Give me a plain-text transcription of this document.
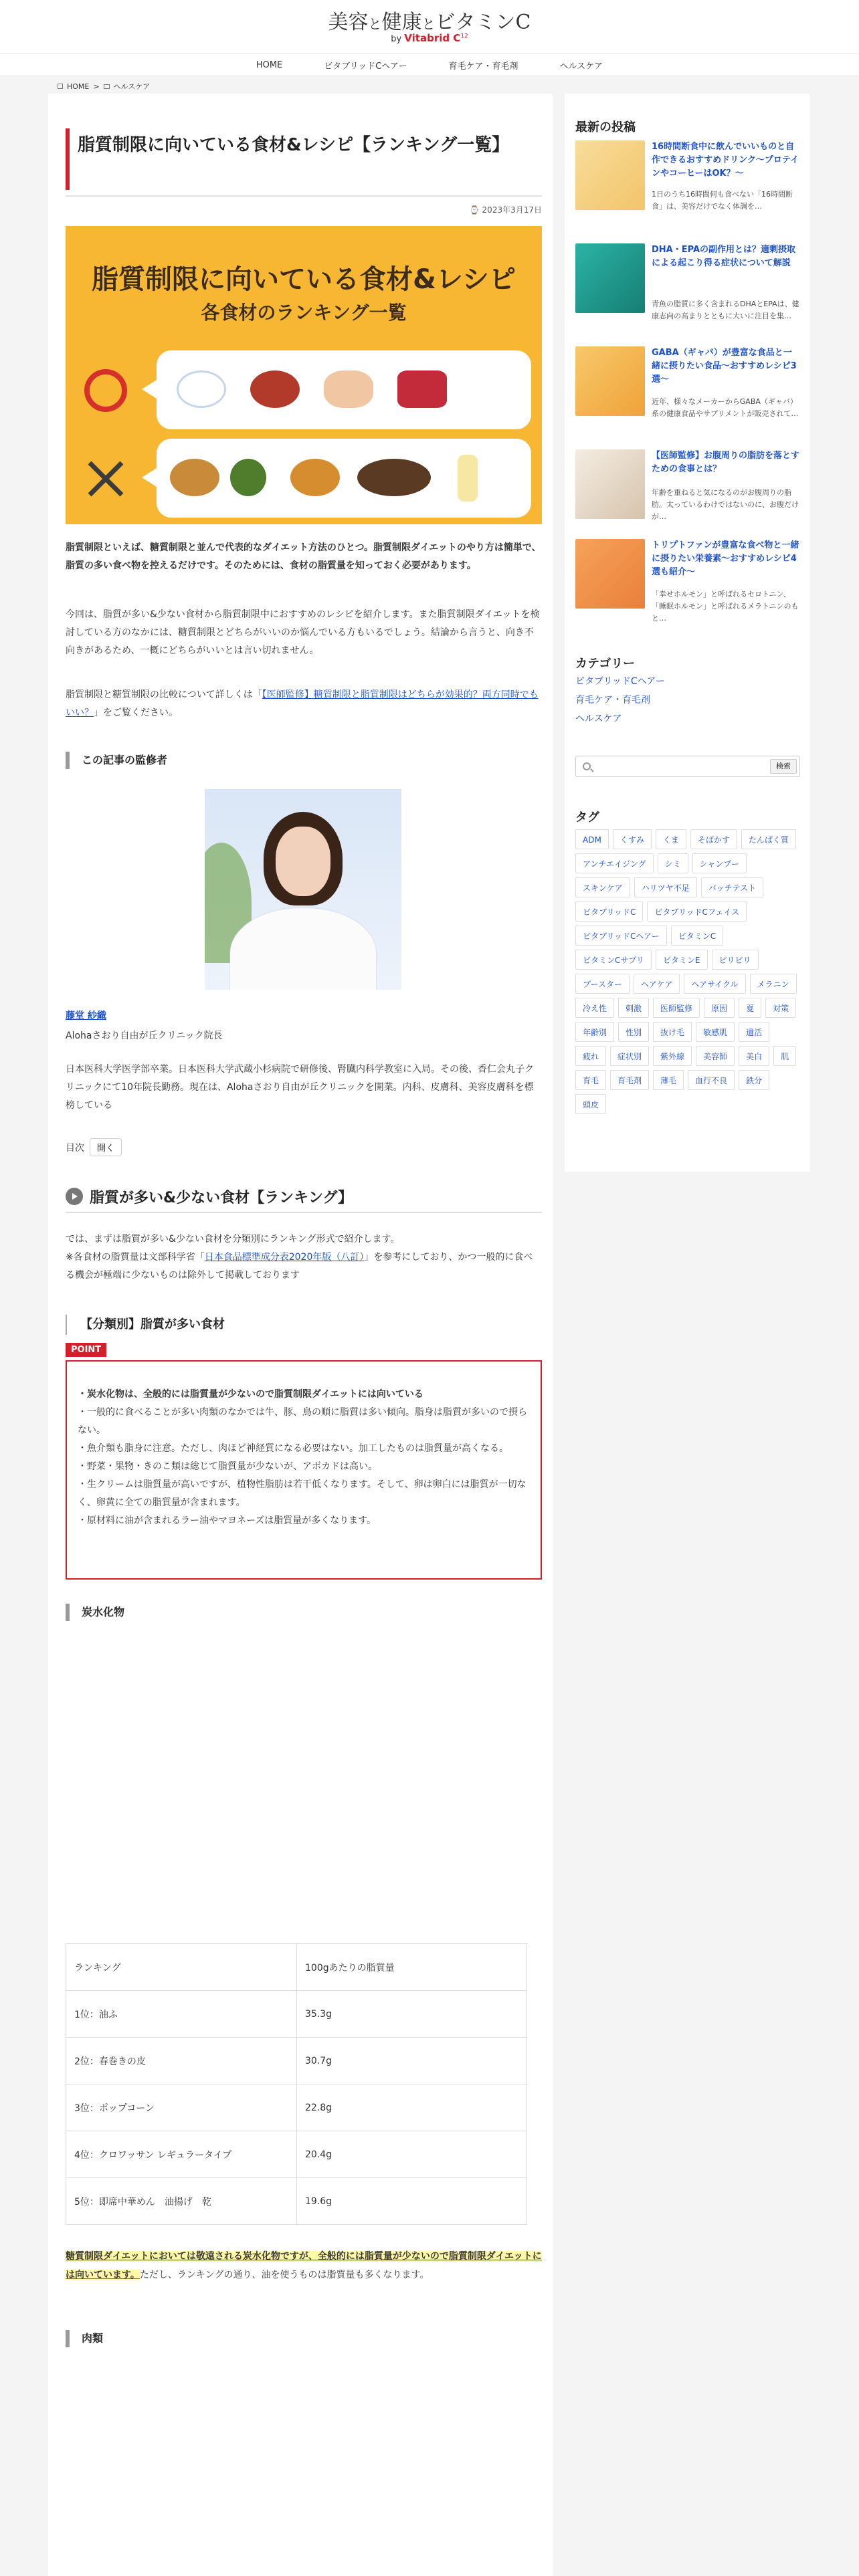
美容と健康とビタミンC
by Vitabrid $C^{12}$
HOME	ビタブリッドCヘアー	育毛ケア・育毛剤	ヘルスケア
HOME > ヘルスケア
脂質制限に向いている食材&レシピ【ランキング一覧】
⌚ 2023年3月17日
脂質制限に向いている食材&レシピ
各食材のランキング一覧
脂質制限といえば、糖質制限と並んで代表的なダイエット方法のひとつ。脂質制限ダイエットのやり方は簡単で、脂質の多い食べ物を控えるだけです。そのためには、食材の脂質量を知っておく必要があります。
今回は、脂質が多い&少ない食材から脂質制限中におすすめのレシピを紹介します。また脂質制限ダイエットを検討している方のなかには、糖質制限とどちらがいいのか悩んでいる方もいるでしょう。結論から言うと、向き不向きがあるため、一概にどちらがいいとは言い切れません。
脂質制限と糖質制限の比較について詳しくは「【医師監修】糖質制限と脂質制限はどちらが効果的？両方同時でもいい？」をご覧ください。
この記事の監修者
藤堂 紗織
Alohaさおり自由が丘クリニック院長
日本医科大学医学部卒業。日本医科大学武蔵小杉病院で研修後、腎臓内科学教室に入局。その後、香仁会丸子クリニックにて10年院長勤務。現在は、Alohaさおり自由が丘クリニックを開業。内科、皮膚科、美容皮膚科を標榜している
目次	開く
脂質が多い&少ない食材【ランキング】
では、まずは脂質が多い&少ない食材を分類別にランキング形式で紹介します。
※各食材の脂質量は文部科学省「日本食品標準成分表2020年版（八訂）」を参考にしており、かつ一般的に食べる機会が極端に少ないものは除外して掲載しております
【分類別】脂質が多い食材
POINT
・炭水化物は、全般的には脂質量が少ないので脂質制限ダイエットには向いている
・一般的に食べることが多い肉類のなかでは牛、豚、鳥の順に脂質は多い傾向。脂身は脂質が多いので摂らない。
・魚介類も脂身に注意。ただし、肉ほど神経質になる必要はない。加工したものは脂質量が高くなる。
・野菜・果物・きのこ類は総じて脂質量が少ないが、アボカドは高い。
・生クリームは脂質量が高いですが、植物性脂肪は若干低くなります。そして、卵は卵白には脂質が一切なく、卵黄に全ての脂質量が含まれます。
・原材料に油が含まれるラー油やマヨネーズは脂質量が多くなります。
炭水化物
ランキング	100gあたりの脂質量
1位：油ふ	35.3g
2位：春巻きの皮	30.7g
3位：ポップコーン	22.8g
4位：クロワッサン レギュラータイプ	20.4g
5位：即席中華めん　油揚げ　乾	19.6g
糖質制限ダイエットにおいては敬遠される炭水化物ですが、全般的には脂質量が少ないので脂質制限ダイエットには向いています。ただし、ランキングの通り、油を使うものは脂質量も多くなります。
肉類
最新の投稿
16時間断食中に飲んでいいものと自作できるおすすめドリンク〜プロテインやコーヒーはOK？〜
1日のうち16時間何も食べない「16時間断食」は、美容だけでなく体調を…
DHA・EPAの副作用とは？適剰摂取による起こり得る症状について解説
青魚の脂質に多く含まれるDHAとEPAは、健康志向の高まりとともに大いに注目を集…
GABA（ギャバ）が豊富な食品と一緒に摂りたい食品〜おすすめレシピ3選〜
近年、様々なメーカーからGABA（ギャバ）系の健康食品やサプリメントが販売されて…
【医師監修】お腹周りの脂肪を落とすための食事とは？
年齢を重ねると気になるのがお腹周りの脂肪。太っているわけではないのに、お腹だけが…
トリプトファンが豊富な食べ物と一緒に摂りたい栄養素〜おすすめレシピ4選も紹介〜
「幸せホルモン」と呼ばれるセロトニン、「睡眠ホルモン」と呼ばれるメラトニンのもと…
カテゴリー
ビタブリッドCヘアー
育毛ケア・育毛剤
ヘルスケア
検索
タグ
ADM	くすみ	くま	そばかす	たんぱく質
アンチエイジング	シミ	シャンプー
スキンケア	ハリツヤ不足	パッチテスト
ビタブリッドC	ビタブリッドCフェイス
ビタブリッドCヘアー	ビタミンC
ビタミンCサプリ	ビタミンE	ピリピリ
ブースター	ヘアケア	ヘアサイクル	メラニン
冷え性	刺激	医師監修	原因	夏	対策
年齢別	性別	抜け毛	敏感肌	遺活
疲れ	症状別	紫外線	美容師	美白	肌
育毛	育毛剤	薄毛	血行不良	鉄分
頭皮
